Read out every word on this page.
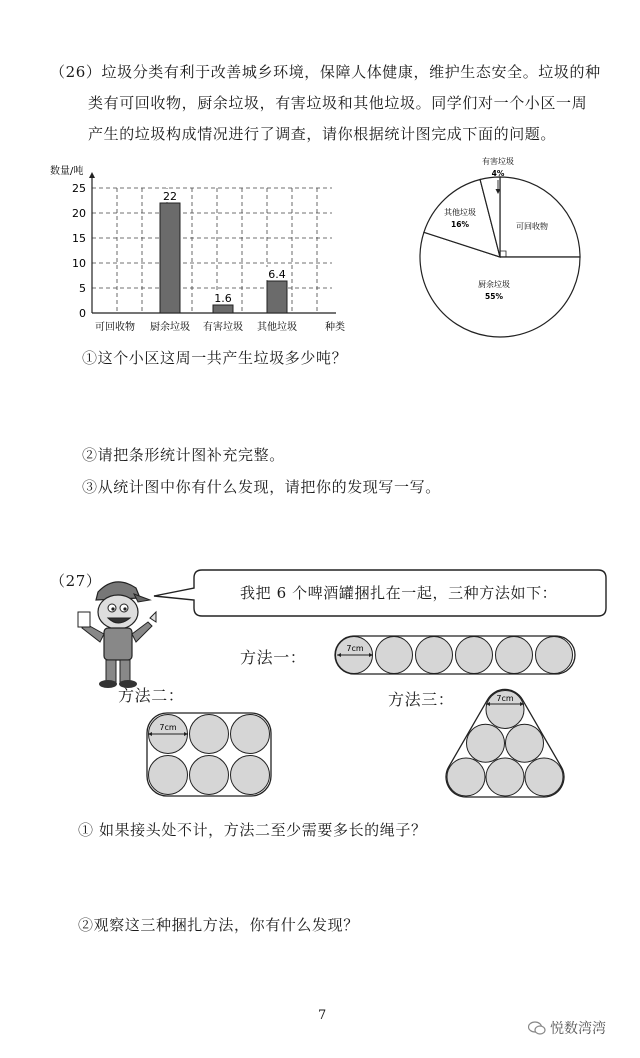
（26）垃圾分类有利于改善城乡环境，保障人体健康，维护生态安全。垃圾的种
类有可回收物，厨余垃圾，有害垃圾和其他垃圾。同学们对一个小区一周
产生的垃圾构成情况进行了调查，请你根据统计图完成下面的问题。
0
5
10
15
20
25
数量/吨
可回收物 厨余垃圾
22
有害垃圾
1.6
其他垃圾
6.4
种类
可回收物
厨余垃圾
55%
其他垃圾
16%
有害垃圾
4%
①这个小区这周一共产生垃圾多少吨？
②请把条形统计图补充完整。
③从统计图中你有什么发现，请把你的发现写一写。
（27）
我把 6 个啤酒罐捆扎在一起，三种方法如下：
方法一：
方法二：	方法三：
7cm
7cm
7cm
① 如果接头处不计，方法二至少需要多长的绳子？
②观察这三种捆扎方法，你有什么发现？
7
悦数湾湾
